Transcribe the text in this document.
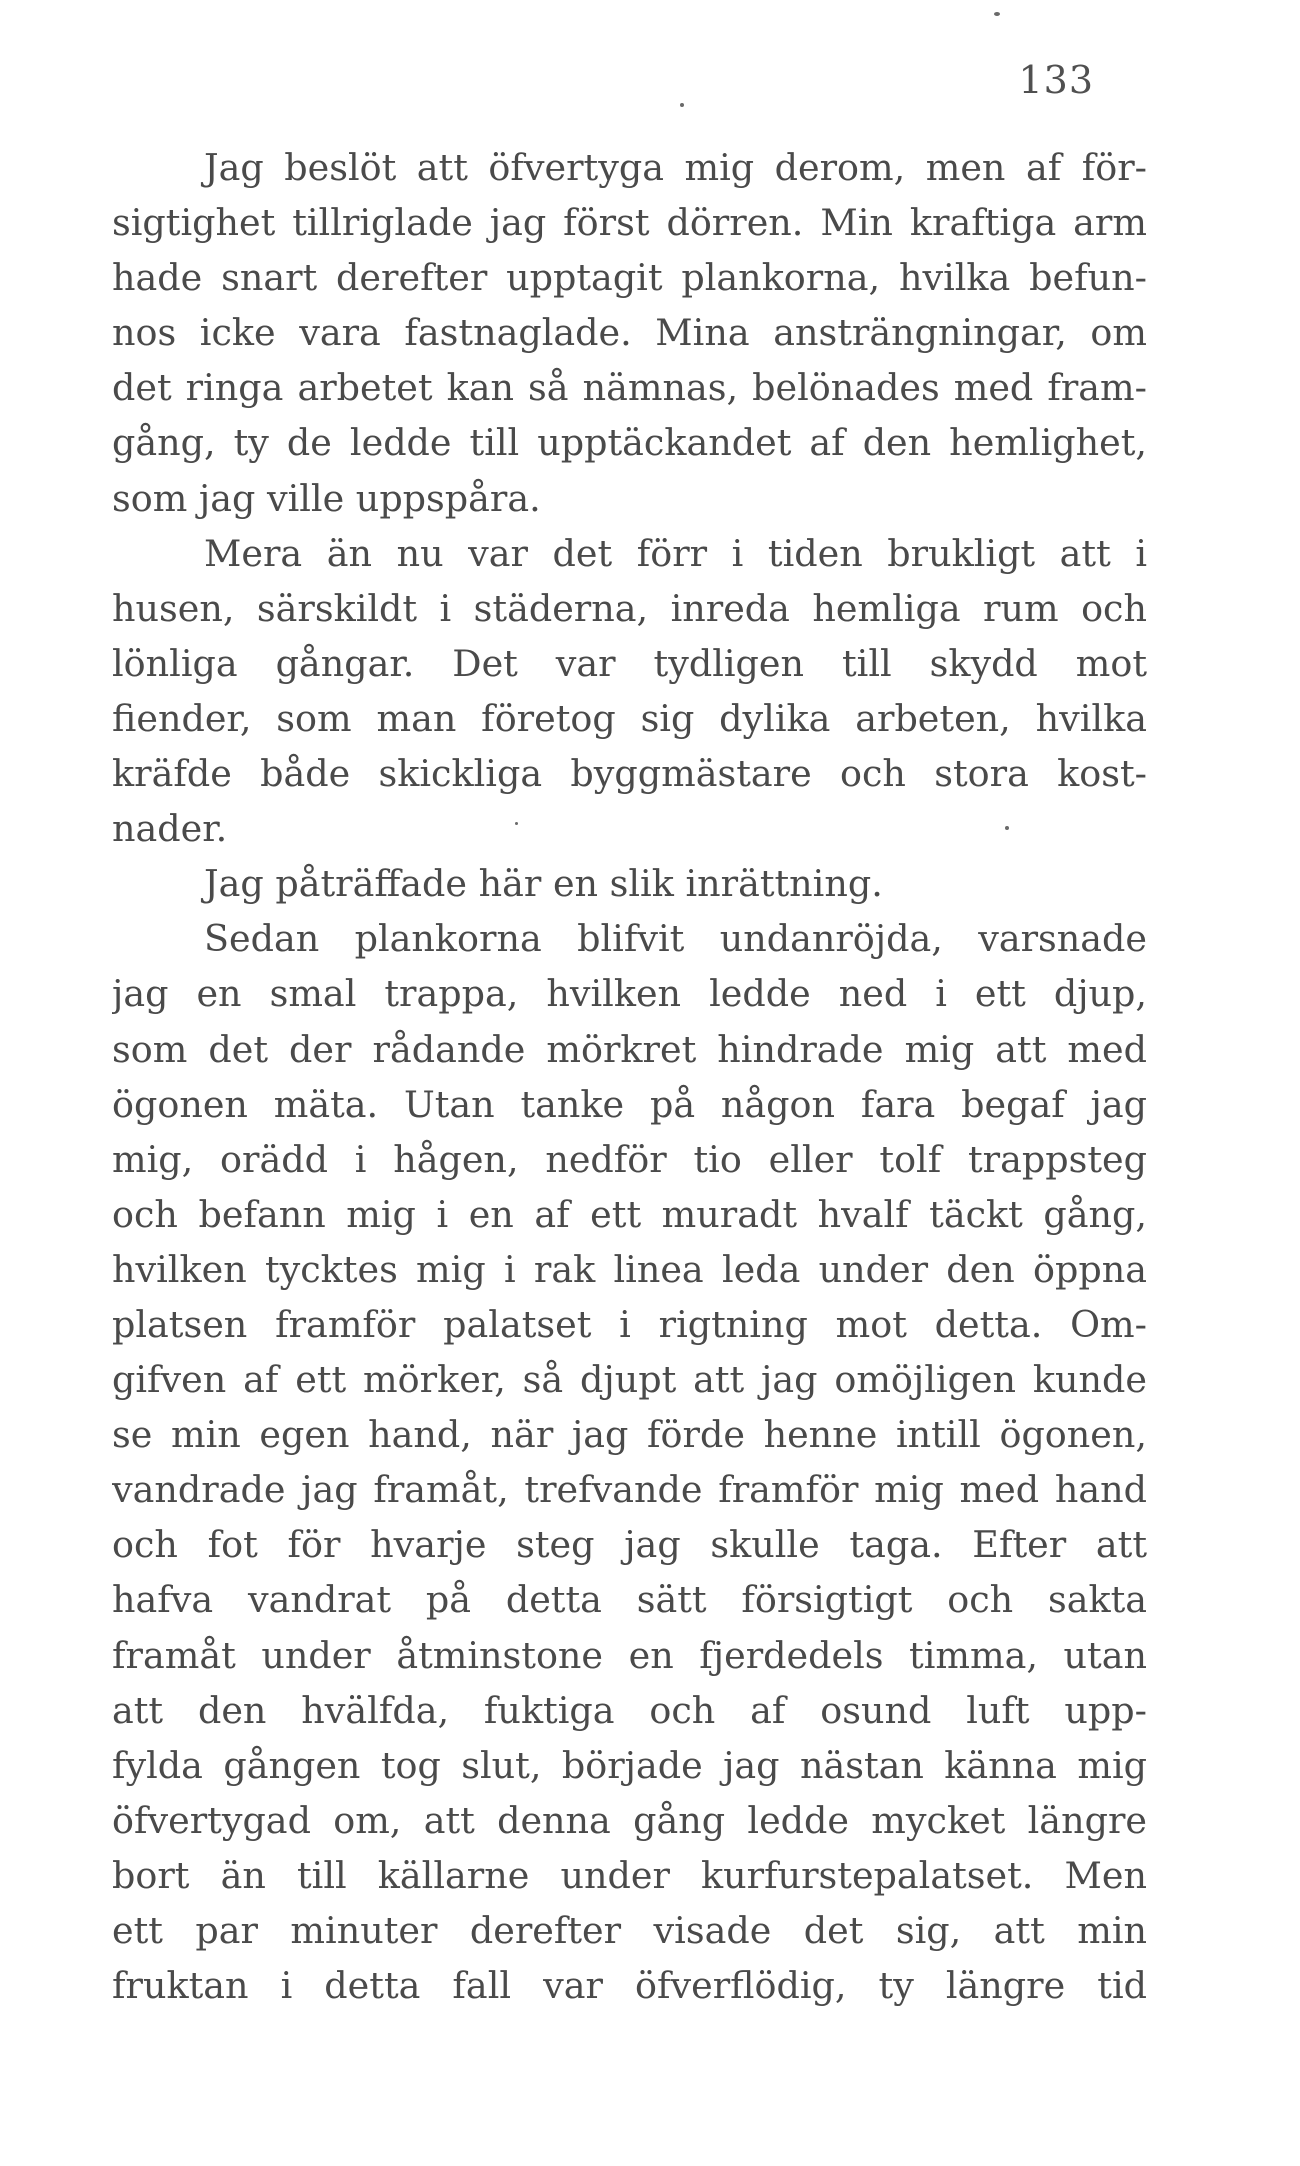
133
Jag beslöt att öfvertyga mig derom, men af för-
sigtighet tillriglade jag först dörren. Min kraftiga arm
hade snart derefter upptagit plankorna, hvilka befun-
nos icke vara fastnaglade. Mina ansträngningar, om
det ringa arbetet kan så nämnas, belönades med fram-
gång, ty de ledde till upptäckandet af den hemlighet,
som jag ville uppspåra.
Mera än nu var det förr i tiden brukligt att i
husen, särskildt i städerna, inreda hemliga rum och
lönliga gångar. Det var tydligen till skydd mot
fiender, som man företog sig dylika arbeten, hvilka
kräfde både skickliga byggmästare och stora kost-
nader.
Jag påträffade här en slik inrättning.
Sedan plankorna blifvit undanröjda, varsnade
jag en smal trappa, hvilken ledde ned i ett djup,
som det der rådande mörkret hindrade mig att med
ögonen mäta. Utan tanke på någon fara begaf jag
mig, orädd i hågen, nedför tio eller tolf trappsteg
och befann mig i en af ett muradt hvalf täckt gång,
hvilken tycktes mig i rak linea leda under den öppna
platsen framför palatset i rigtning mot detta. Om-
gifven af ett mörker, så djupt att jag omöjligen kunde
se min egen hand, när jag förde henne intill ögonen,
vandrade jag framåt, trefvande framför mig med hand
och fot för hvarje steg jag skulle taga. Efter att
hafva vandrat på detta sätt försigtigt och sakta
framåt under åtminstone en fjerdedels timma, utan
att den hvälfda, fuktiga och af osund luft upp-
fylda gången tog slut, började jag nästan känna mig
öfvertygad om, att denna gång ledde mycket längre
bort än till källarne under kurfurstepalatset. Men
ett par minuter derefter visade det sig, att min
fruktan i detta fall var öfverflödig, ty längre tid
